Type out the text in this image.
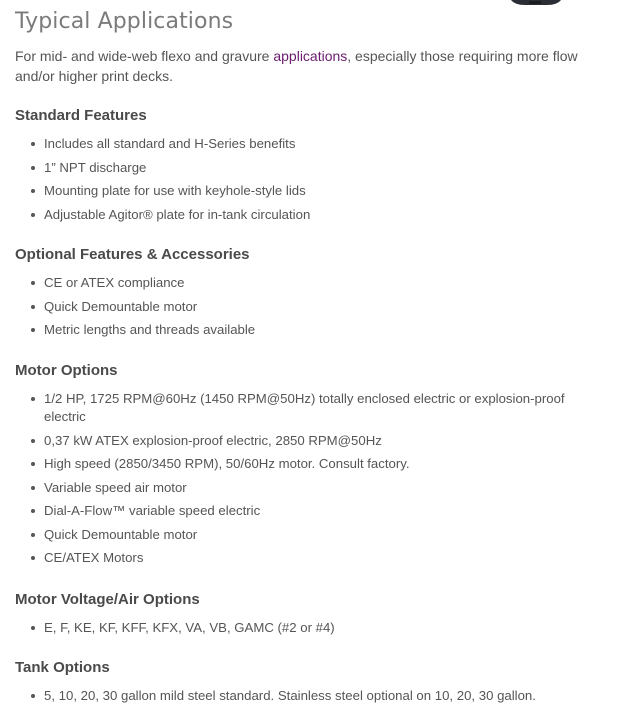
Typical Applications

For mid- and wide-web flexo and gravure applications, especially those requiring more flow and/or higher print decks.

Standard Features
Includes all standard and H-Series benefits
1” NPT discharge
Mounting plate for use with keyhole-style lids
Adjustable Agitor® plate for in-tank circulation
Optional Features & Accessories
CE or ATEX compliance
Quick Demountable motor
Metric lengths and threads available
Motor Options
1/2 HP, 1725 RPM@60Hz (1450 RPM@50Hz) totally enclosed electric or explosion-proof electric
0,37 kW ATEX explosion-proof electric, 2850 RPM@50Hz
High speed (2850/3450 RPM), 50/60Hz motor. Consult factory.
Variable speed air motor
Dial-A-Flow™ variable speed electric
Quick Demountable motor
CE/ATEX Motors
Motor Voltage/Air Options
E, F, KE, KF, KFF, KFX, VA, VB, GAMC (#2 or #4)
Tank Options
5, 10, 20, 30 gallon mild steel standard. Stainless steel optional on 10, 20, 30 gallon.
